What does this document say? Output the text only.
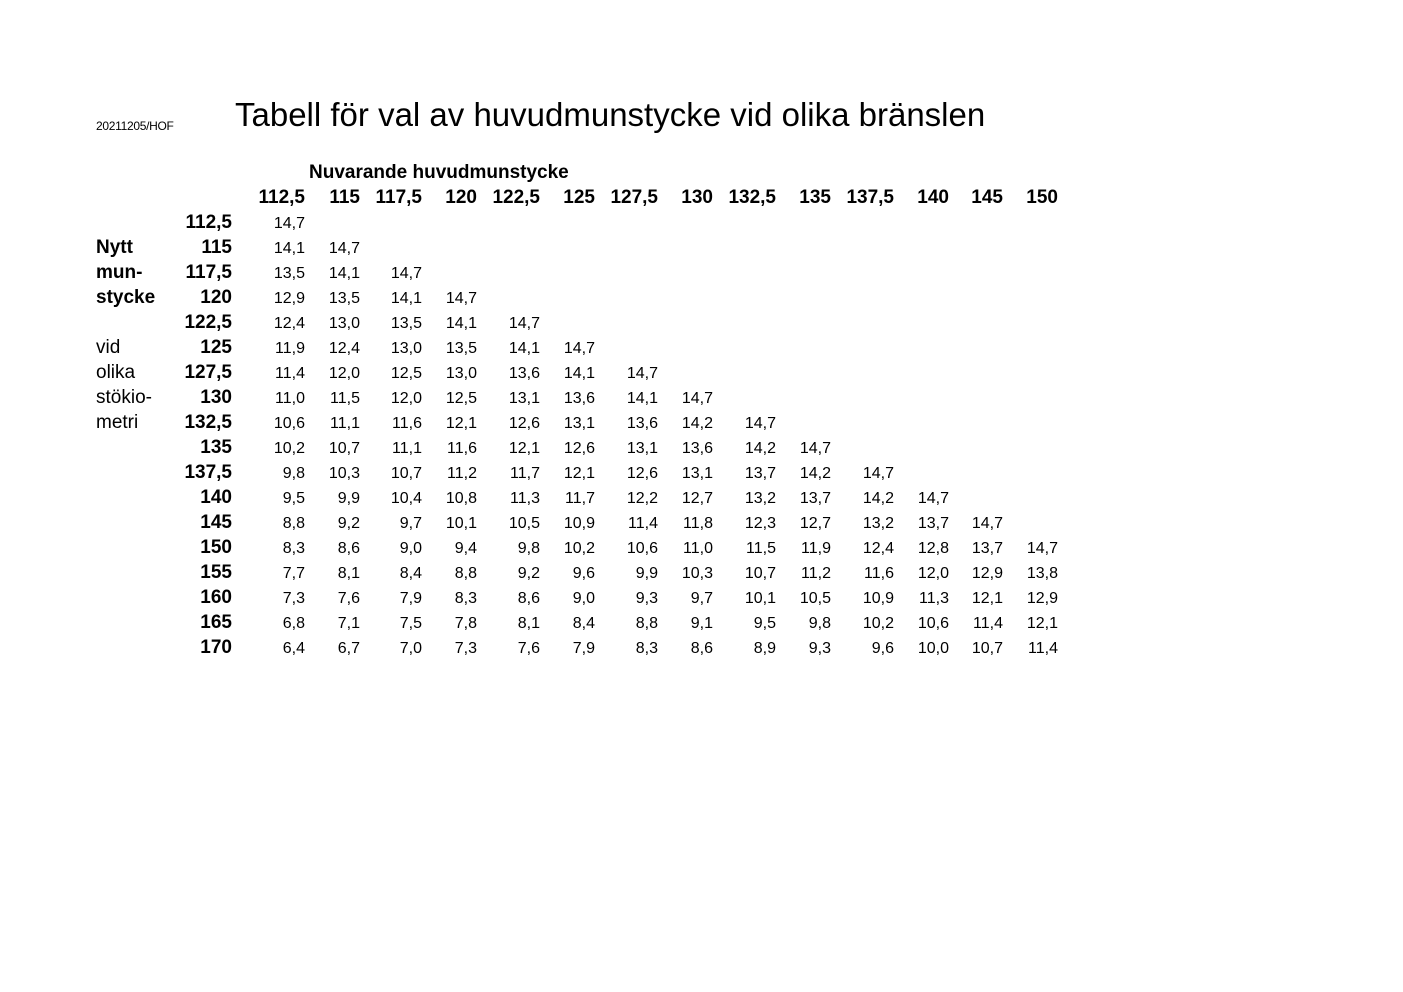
20211205/HOF Tabell för val av huvudmunstycke vid olika bränslen
Nuvarande huvudmunstycke
112,5	115 117,5	120 122,5	125 127,5	130 132,5	135 137,5	140	145	150
Nytt
mun-
stycke
vid
olika
stökio-
metri
112,5	14,7
115	14,1	14,7
117,5	13,5	14,1	14,7
120	12,9	13,5	14,1	14,7
122,5	12,4	13,0	13,5	14,1	14,7
125	11,9	12,4	13,0	13,5	14,1	14,7
127,5	11,4	12,0	12,5	13,0	13,6	14,1	14,7
130	11,0	11,5	12,0	12,5	13,1	13,6	14,1	14,7
132,5	10,6	11,1	11,6	12,1	12,6	13,1	13,6	14,2	14,7
135	10,2	10,7	11,1	11,6	12,1	12,6	13,1	13,6	14,2	14,7
137,5	9,8	10,3	10,7	11,2	11,7	12,1	12,6	13,1	13,7	14,2	14,7
140	9,5	9,9	10,4	10,8	11,3	11,7	12,2	12,7	13,2	13,7	14,2	14,7
145	8,8	9,2	9,7	10,1	10,5	10,9	11,4	11,8	12,3	12,7	13,2	13,7	14,7
150	8,3	8,6	9,0	9,4	9,8	10,2	10,6	11,0	11,5	11,9	12,4	12,8	13,7	14,7
155	7,7	8,1	8,4	8,8	9,2	9,6	9,9	10,3	10,7	11,2	11,6	12,0	12,9	13,8
160	7,3	7,6	7,9	8,3	8,6	9,0	9,3	9,7	10,1	10,5	10,9	11,3	12,1	12,9
165	6,8	7,1	7,5	7,8	8,1	8,4	8,8	9,1	9,5	9,8	10,2	10,6	11,4	12,1
170	6,4	6,7	7,0	7,3	7,6	7,9	8,3	8,6	8,9	9,3	9,6	10,0	10,7	11,4
